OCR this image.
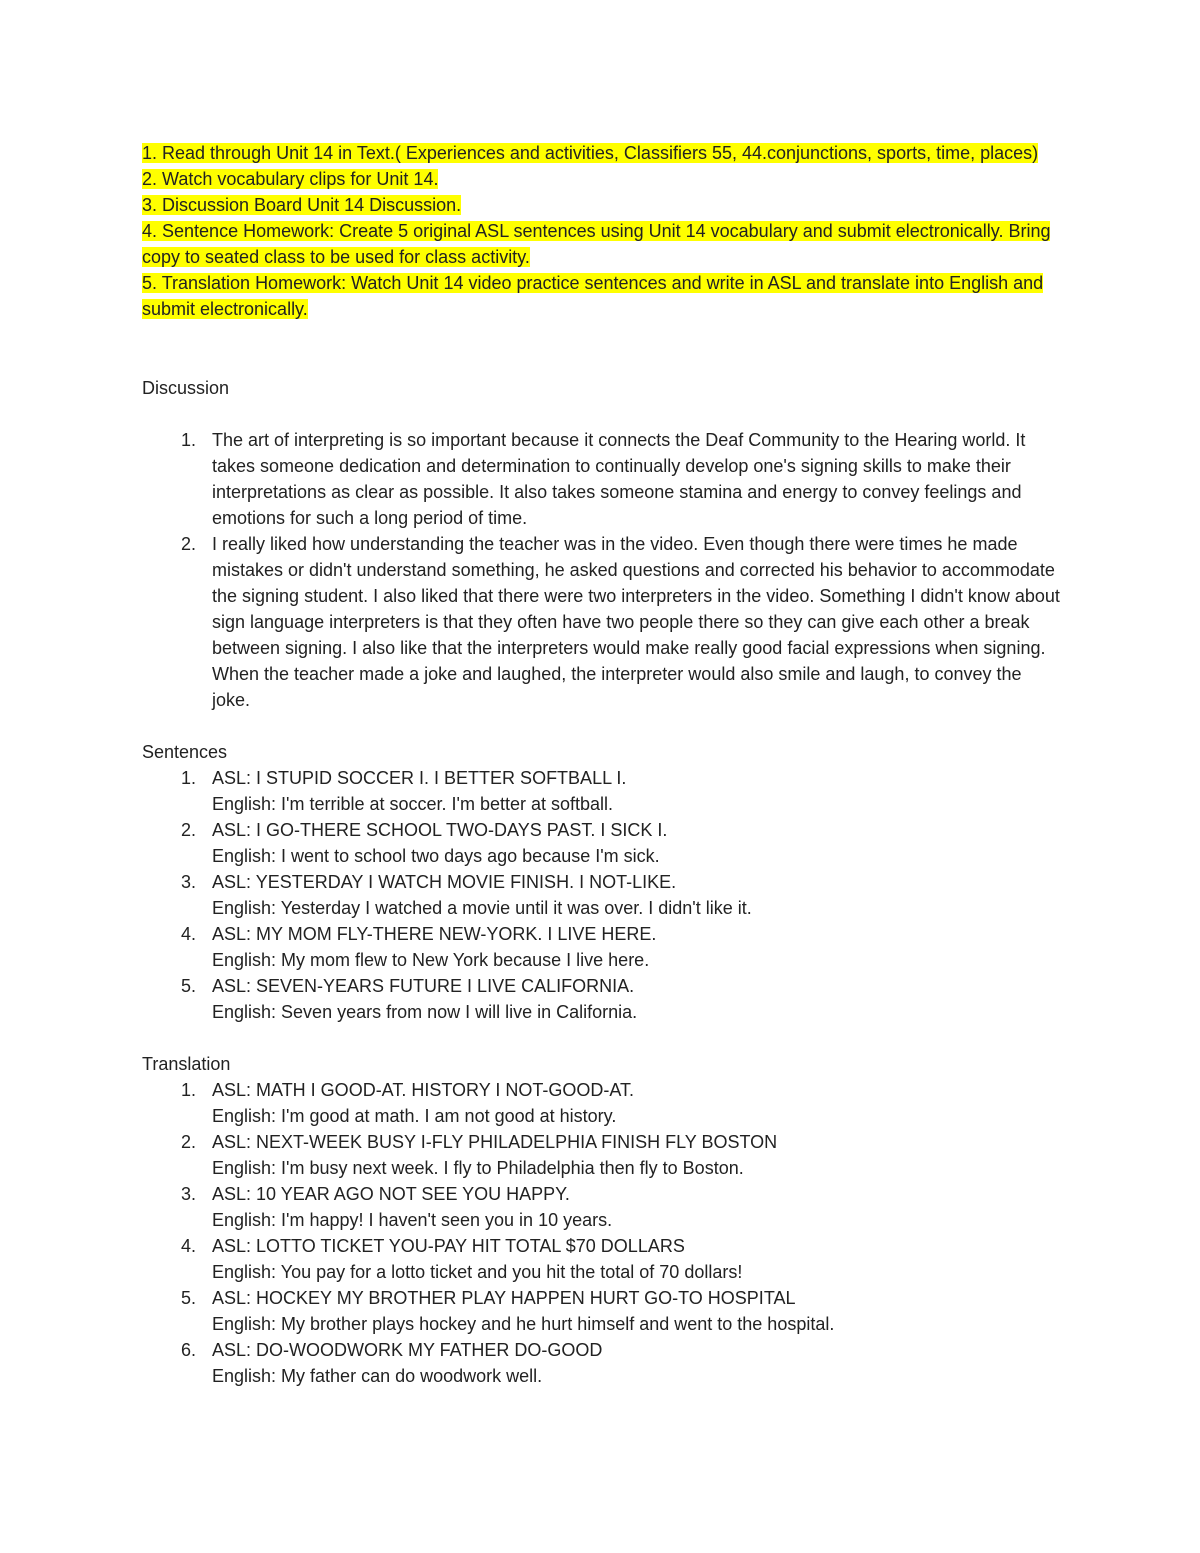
1. Read through Unit 14 in Text.( Experiences and activities, Classifiers 55, 44.conjunctions, sports, time, places)
2. Watch vocabulary clips for Unit 14.
3. Discussion Board Unit 14 Discussion.
4. Sentence Homework: Create 5 original ASL sentences using Unit 14 vocabulary and submit electronically. Bring copy to seated class to be used for class activity.
5. Translation Homework: Watch Unit 14 video practice sentences and write in ASL and translate into English and submit electronically.

Discussion

1. The art of interpreting is so important because it connects the Deaf Community to the Hearing world. It takes someone dedication and determination to continually develop one's signing skills to make their interpretations as clear as possible. It also takes someone stamina and energy to convey feelings and emotions for such a long period of time.
2. I really liked how understanding the teacher was in the video. Even though there were times he made mistakes or didn't understand something, he asked questions and corrected his behavior to accommodate the signing student. I also liked that there were two interpreters in the video. Something I didn't know about sign language interpreters is that they often have two people there so they can give each other a break between signing. I also like that the interpreters would make really good facial expressions when signing. When the teacher made a joke and laughed, the interpreter would also smile and laugh, to convey the joke.

Sentences

1. ASL: I STUPID SOCCER I. I BETTER SOFTBALL I.
English: I'm terrible at soccer. I'm better at softball.
2. ASL: I GO-THERE SCHOOL TWO-DAYS PAST. I SICK I.
English: I went to school two days ago because I'm sick.
3. ASL: YESTERDAY I WATCH MOVIE FINISH. I NOT-LIKE.
English: Yesterday I watched a movie until it was over. I didn't like it.
4. ASL: MY MOM FLY-THERE NEW-YORK. I LIVE HERE.
English: My mom flew to New York because I live here.
5. ASL: SEVEN-YEARS FUTURE I LIVE CALIFORNIA.
English: Seven years from now I will live in California.

Translation

1. ASL: MATH I GOOD-AT. HISTORY I NOT-GOOD-AT.
English: I'm good at math. I am not good at history.
2. ASL: NEXT-WEEK BUSY I-FLY PHILADELPHIA FINISH FLY BOSTON
English: I'm busy next week. I fly to Philadelphia then fly to Boston.
3. ASL: 10 YEAR AGO NOT SEE YOU HAPPY.
English: I'm happy! I haven't seen you in 10 years.
4. ASL: LOTTO TICKET YOU-PAY HIT TOTAL $70 DOLLARS
English: You pay for a lotto ticket and you hit the total of 70 dollars!
5. ASL: HOCKEY MY BROTHER PLAY HAPPEN HURT GO-TO HOSPITAL
English: My brother plays hockey and he hurt himself and went to the hospital.
6. ASL: DO-WOODWORK MY FATHER DO-GOOD
English: My father can do woodwork well.
